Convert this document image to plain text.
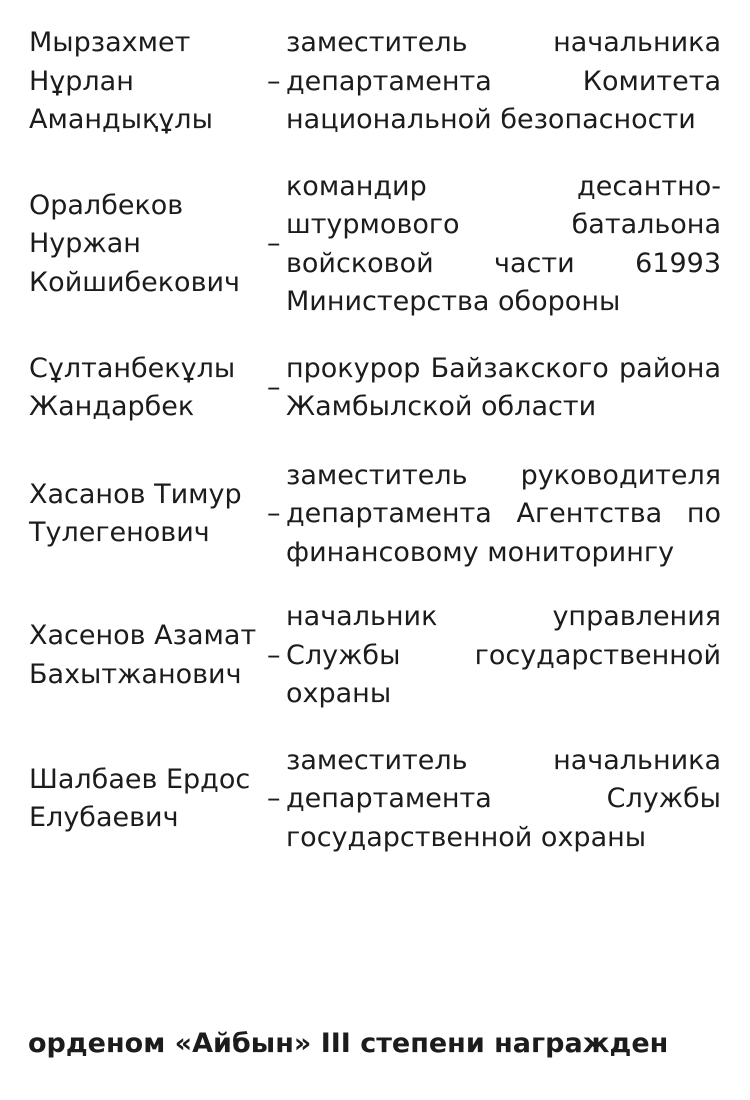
Мырзахмет Нұрлан Амандықұлы
–
заместитель начальника департамента Комитета национальной безопасности
Оралбеков Нуржан Койшибекович
–
командир десантно-штурмового батальона войсковой части 61993 Министерства обороны
Сұлтанбекұлы Жандарбек
–
прокурор Байзакского района Жамбылской области
Хасанов Тимур Тулегенович
–
заместитель руководителя департамента Агентства по финансовому мониторингу
Хасенов Азамат Бахытжанович
–
начальник управления Службы государственной охраны
Шалбаев Ердос Елубаевич
–
заместитель начальника департамента Службы государственной охраны
орденом «Айбын» III степени награжден
